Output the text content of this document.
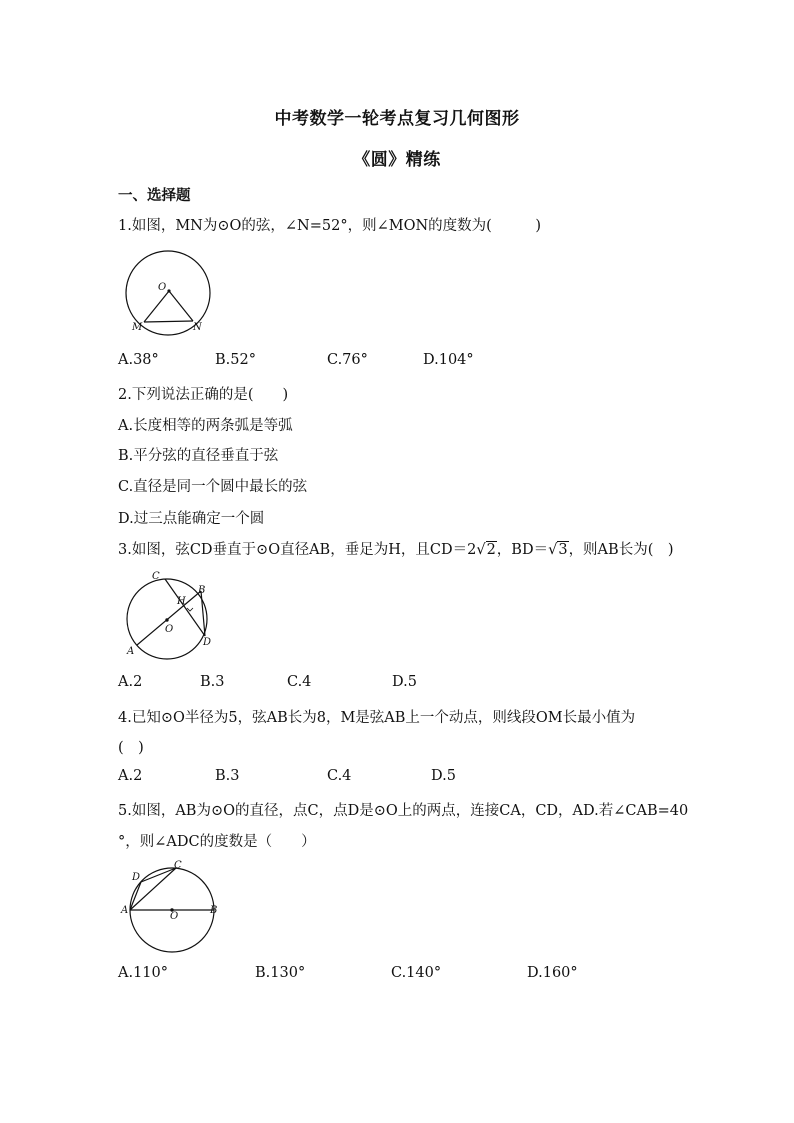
中考数学一轮考点复习几何图形
《圆》精练
一、选择题
1.如图，MN为⊙O的弦，∠N=52°，则∠MON的度数为(　　　)
O
M	N
A.38°	B.52°	C.76°	D.104°
2.下列说法正确的是(　　)
A.长度相等的两条弧是等弧
B.平分弦的直径垂直于弦
C.直径是同一个圆中最长的弦
D.过三点能确定一个圆
3.如图，弦CD垂直于⊙O直径AB，垂足为H，且CD＝2√2，BD＝√3，则AB长为(　)
C
B
H
O
D
A
A.2	B.3	C.4	D.5
4.已知⊙O半径为5，弦AB长为8，M是弦AB上一个动点，则线段OM长最小值为
(　)
A.2	B.3	C.4	D.5
5.如图，AB为⊙O的直径，点C，点D是⊙O上的两点，连接CA，CD，AD.若∠CAB=40
°，则∠ADC的度数是（　　）
C
D
A
O
B
A.110°	B.130°	C.140°	D.160°
